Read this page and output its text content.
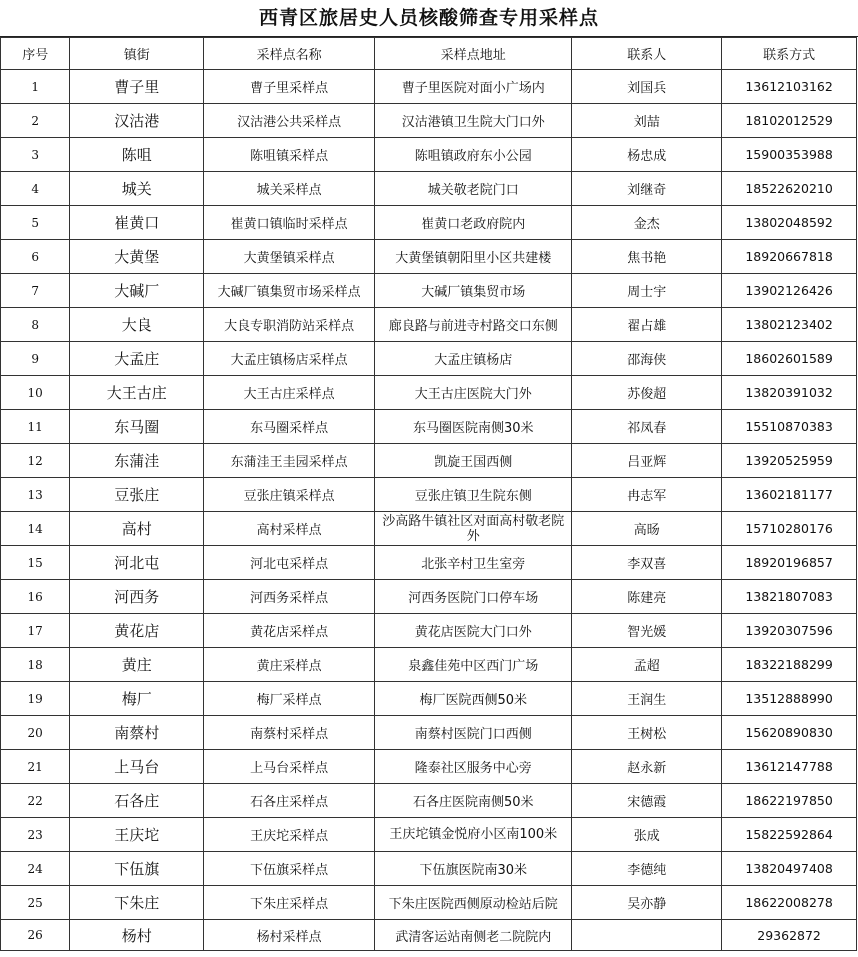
西青区旅居史人员核酸筛查专用采样点
序号	镇街	采样点名称	采样点地址	联系人	联系方式
1	曹子里	曹子里采样点	曹子里医院对面小广场内	刘国兵	13612103162
2	汉沽港	汉沽港公共采样点	汉沽港镇卫生院大门口外	刘喆	18102012529
3	陈咀	陈咀镇采样点	陈咀镇政府东小公园	杨忠成	15900353988
4	城关	城关采样点	城关敬老院门口	刘继奇	18522620210
5	崔黄口	崔黄口镇临时采样点	崔黄口老政府院内	金杰	13802048592
6	大黄堡	大黄堡镇采样点	大黄堡镇朝阳里小区共建楼	焦书艳	18920667818
7	大碱厂	大碱厂镇集贸市场采样点	大碱厂镇集贸市场	周士宇	13902126426
8	大良	大良专职消防站采样点	廊良路与前进寺村路交口东侧	翟占雄	13802123402
9	大孟庄	大孟庄镇杨店采样点	大孟庄镇杨店	邵海侠	18602601589
10	大王古庄	大王古庄采样点	大王古庄医院大门外	苏俊超	13820391032
11	东马圈	东马圈采样点	东马圈医院南侧30米	祁凤春	15510870383
12	东蒲洼	东蒲洼王圭园采样点	凯旋王国西侧	吕亚辉	13920525959
13	豆张庄	豆张庄镇采样点	豆张庄镇卫生院东侧	冉志军	13602181177
14	高村	高村采样点	沙高路牛镇社区对面高村敬老院外	高旸	15710280176
15	河北屯	河北屯采样点	北张辛村卫生室旁	李双喜	18920196857
16	河西务	河西务采样点	河西务医院门口停车场	陈建亮	13821807083
17	黄花店	黄花店采样点	黄花店医院大门口外	智光媛	13920307596
18	黄庄	黄庄采样点	泉鑫佳苑中区西门广场	孟超	18322188299
19	梅厂	梅厂采样点	梅厂医院西侧50米	王润生	13512888990
20	南蔡村	南蔡村采样点	南蔡村医院门口西侧	王树松	15620890830
21	上马台	上马台采样点	隆泰社区服务中心旁	赵永新	13612147788
22	石各庄	石各庄采样点	石各庄医院南侧50米	宋德霞	18622197850
23	王庆坨	王庆坨采样点	王庆坨镇金悦府小区南100米	张成	15822592864
24	下伍旗	下伍旗采样点	下伍旗医院南30米	李德纯	13820497408
25	下朱庄	下朱庄采样点	下朱庄医院西侧原动检站后院	吴亦静	18622008278
26	杨村	杨村采样点	武清客运站南侧老二院院内		29362872
